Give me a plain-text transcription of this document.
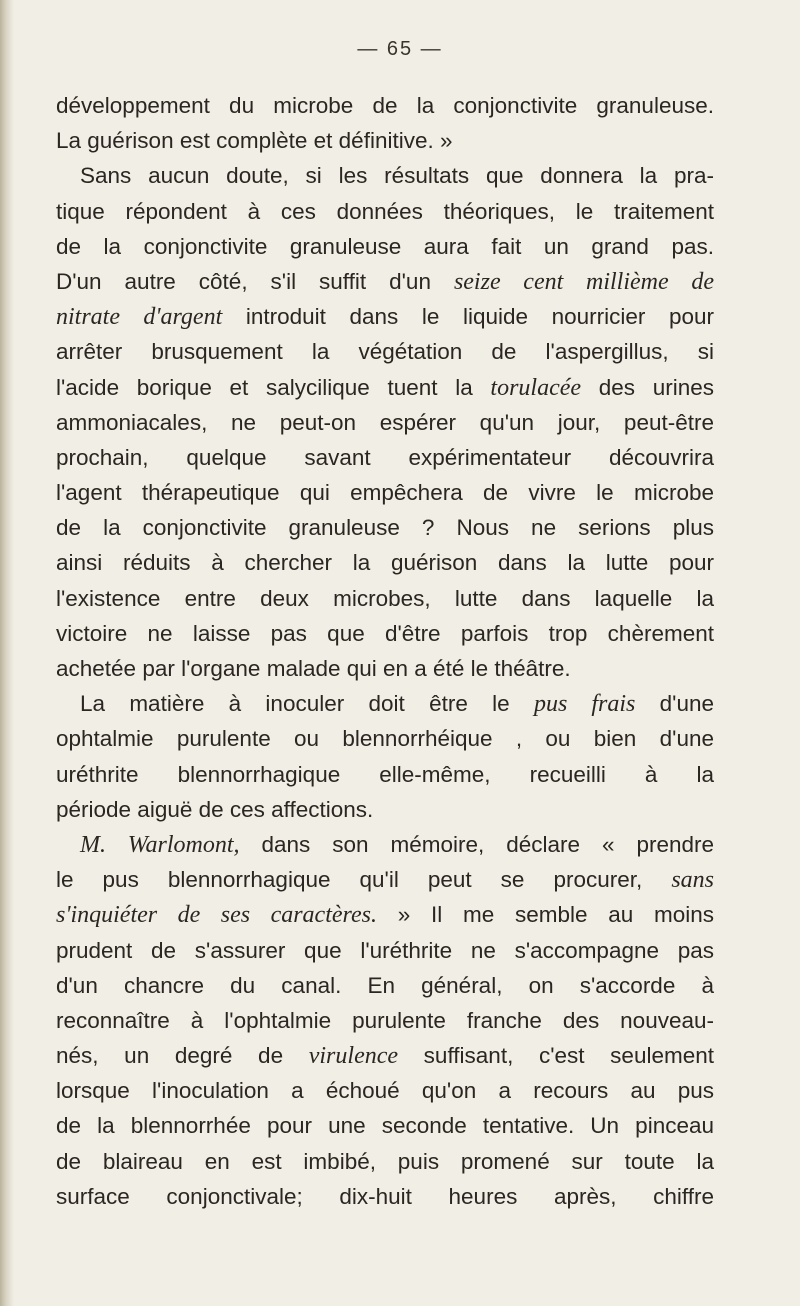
— 65 —
développement du microbe de la conjonctivite granuleuse.
La guérison est complète et définitive. »
Sans aucun doute, si les résultats que donnera la pra-
tique répondent à ces données théoriques, le traitement
de la conjonctivite granuleuse aura fait un grand pas.
D'un autre côté, s'il suffit d'un seize cent millième de
nitrate d'argent introduit dans le liquide nourricier pour
arrêter brusquement la végétation de l'aspergillus, si
l'acide borique et salycilique tuent la torulacée des urines
ammoniacales, ne peut-on espérer qu'un jour, peut-être
prochain, quelque savant expérimentateur découvrira
l'agent thérapeutique qui empêchera de vivre le microbe
de la conjonctivite granuleuse ? Nous ne serions plus
ainsi réduits à chercher la guérison dans la lutte pour
l'existence entre deux microbes, lutte dans laquelle la
victoire ne laisse pas que d'être parfois trop chèrement
achetée par l'organe malade qui en a été le théâtre.
La matière à inoculer doit être le pus frais d'une
ophtalmie purulente ou blennorrhéique , ou bien d'une
uréthrite blennorrhagique elle-même, recueilli à la
période aiguë de ces affections.
M. Warlomont, dans son mémoire, déclare « prendre
le pus blennorrhagique qu'il peut se procurer, sans
s'inquiéter de ses caractères. » Il me semble au moins
prudent de s'assurer que l'uréthrite ne s'accompagne pas
d'un chancre du canal. En général, on s'accorde à
reconnaître à l'ophtalmie purulente franche des nouveau-
nés, un degré de virulence suffisant, c'est seulement
lorsque l'inoculation a échoué qu'on a recours au pus
de la blennorrhée pour une seconde tentative. Un pinceau
de blaireau en est imbibé, puis promené sur toute la
surface conjonctivale; dix-huit heures après, chiffre
